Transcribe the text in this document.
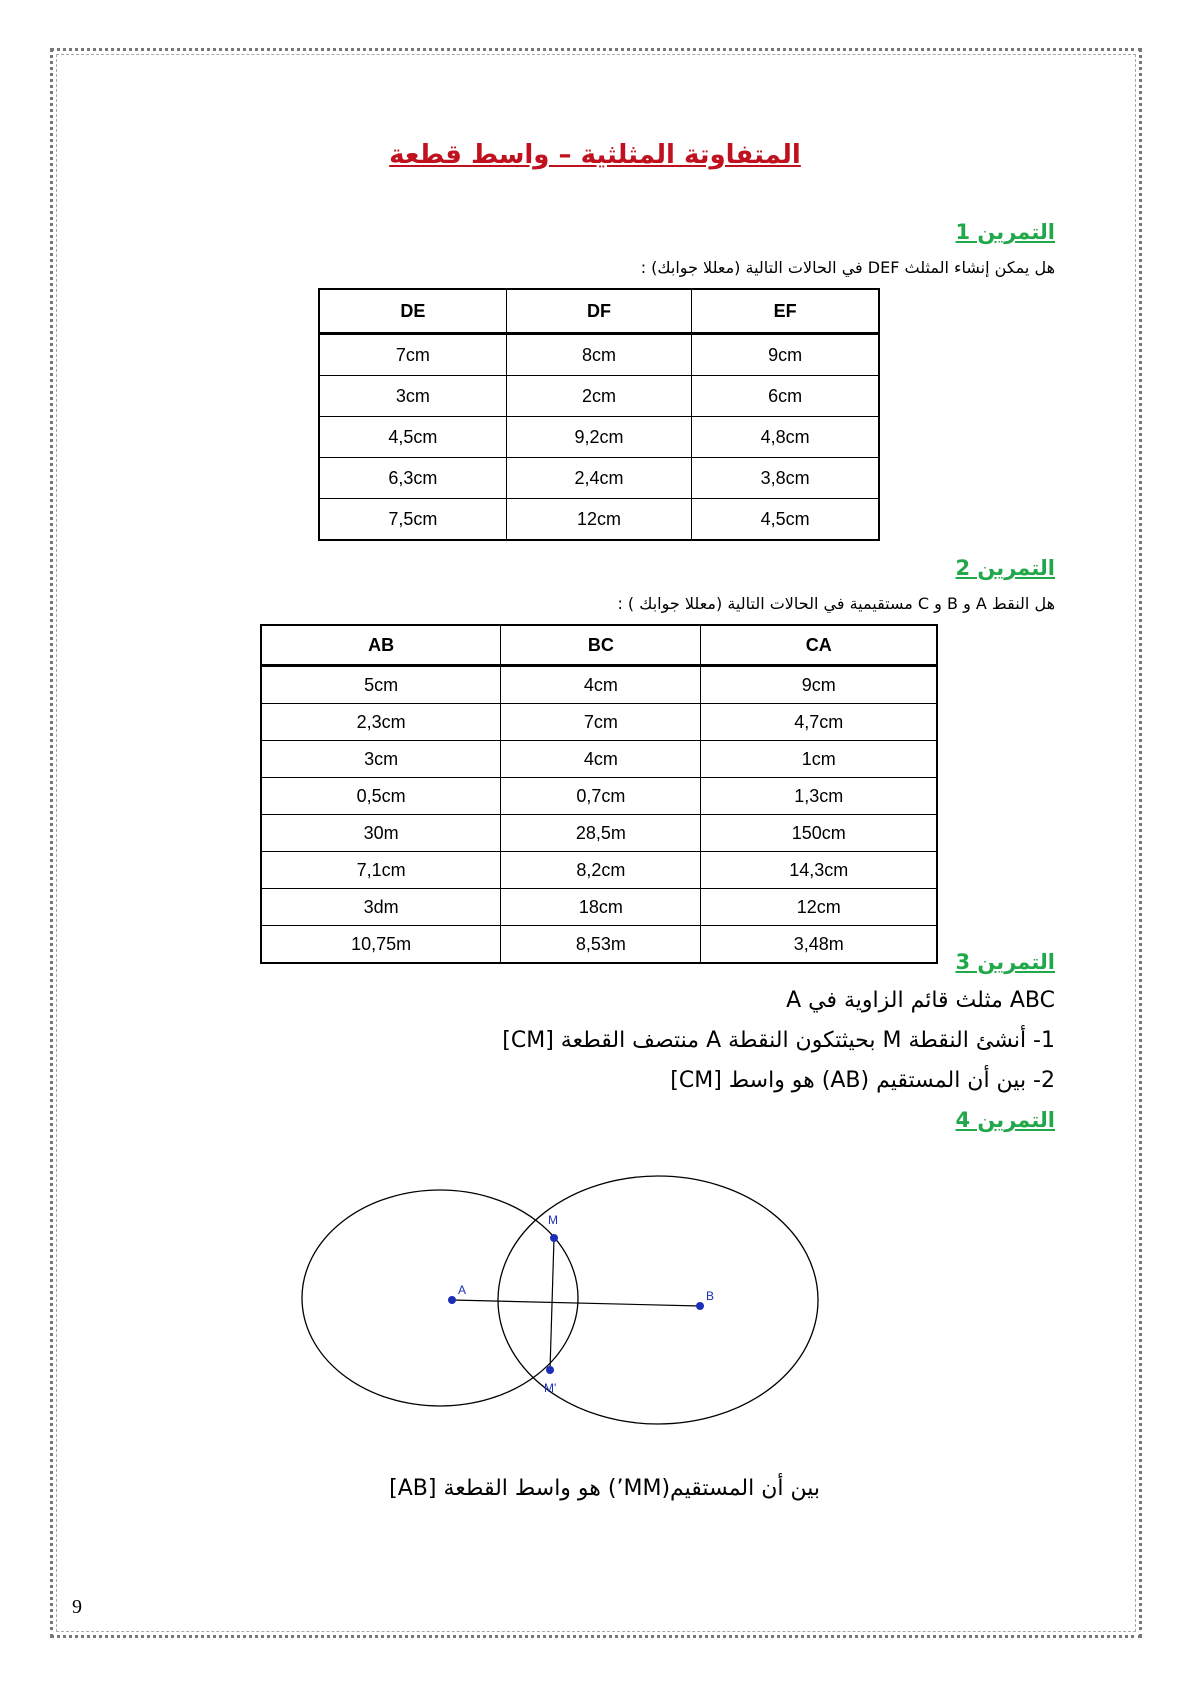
المتفاوتة المثلثية – واسط قطعة
التمرين 1
هل يمكن إنشاء المثلث DEF في الحالات التالية (معللا جوابك) :
DE	DF	EF
7cm	8cm	9cm
3cm	2cm	6cm
4,5cm	9,2cm	4,8cm
6,3cm	2,4cm	3,8cm
7,5cm	12cm	4,5cm
التمرين 2
هل النقط A و B و C مستقيمية في الحالات التالية (معللا جوابك ) :
AB	BC	CA
5cm	4cm	9cm
2,3cm	7cm	4,7cm
3cm	4cm	1cm
0,5cm	0,7cm	1,3cm
30m	28,5m	150cm
7,1cm	8,2cm	14,3cm
3dm	18cm	12cm
10,75m	8,53m	3,48m
التمرين 3
ABC مثلث قائم الزاوية في A
1- أنشئ النقطة M بحيثتكون النقطة A منتصف القطعة [CM]
2- بين أن المستقيم (AB) هو واسط [CM]
التمرين 4
A	B
M
M'
بين أن المستقيم(MM’) هو واسط القطعة [AB]
9
